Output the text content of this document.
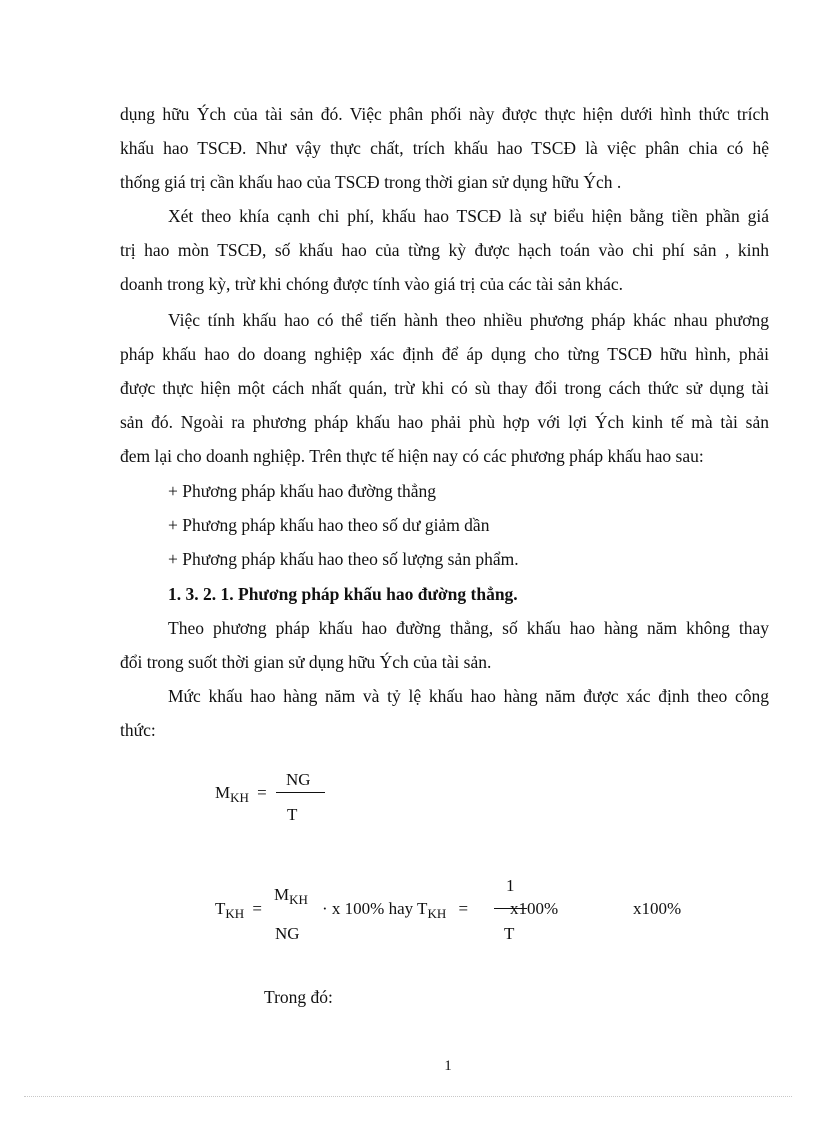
dụng hữu Ých của tài sản đó. Việc phân phối này được thực hiện dưới hình thức trích
khấu hao TSCĐ. Như vậy thực chất, trích khấu hao TSCĐ là việc phân chia có hệ
thống giá trị cần khấu hao của TSCĐ trong thời gian sử dụng hữu Ých .
Xét theo khía cạnh chi phí, khấu hao TSCĐ là sự biểu hiện bằng tiền phần giá
trị hao mòn TSCĐ, số khấu hao của từng kỳ được hạch toán vào chi phí sản , kinh
doanh trong kỳ, trừ khi chóng được tính vào giá trị của các tài sản khác.
Việc tính khấu hao có thể tiến hành theo nhiều phương pháp khác nhau phương
pháp khấu hao do doang nghiệp xác định để áp dụng cho từng TSCĐ hữu hình, phải
được thực hiện một cách nhất quán, trừ khi có sù thay đổi trong cách thức sử dụng tài
sản đó. Ngoài ra phương pháp khấu hao phải phù hợp với lợi Ých kinh tế mà tài sản
đem lại cho doanh nghiệp. Trên thực tế hiện nay có các phương pháp khấu hao sau:
+ Phương pháp khấu hao đường thẳng
+ Phương pháp khấu hao theo số dư giảm dần
+ Phương pháp khấu hao theo số lượng sản phẩm.
1. 3. 2. 1. Phương pháp khấu hao đường thẳng.
Theo phương pháp khấu hao đường thẳng, số khấu hao hàng năm không thay
đổi trong suốt thời gian sử dụng hữu Ých của tài sản.
Mức khấu hao hàng năm và tỷ lệ khấu hao hàng năm được xác định theo công
thức:
$M_{KH}$ =
NG
T
$T_{KH}$ =
$M_{KH}$
NG
· x 100% hay $T_{KH}$ =
1
x100%
T
x100%
Trong đó:
1
